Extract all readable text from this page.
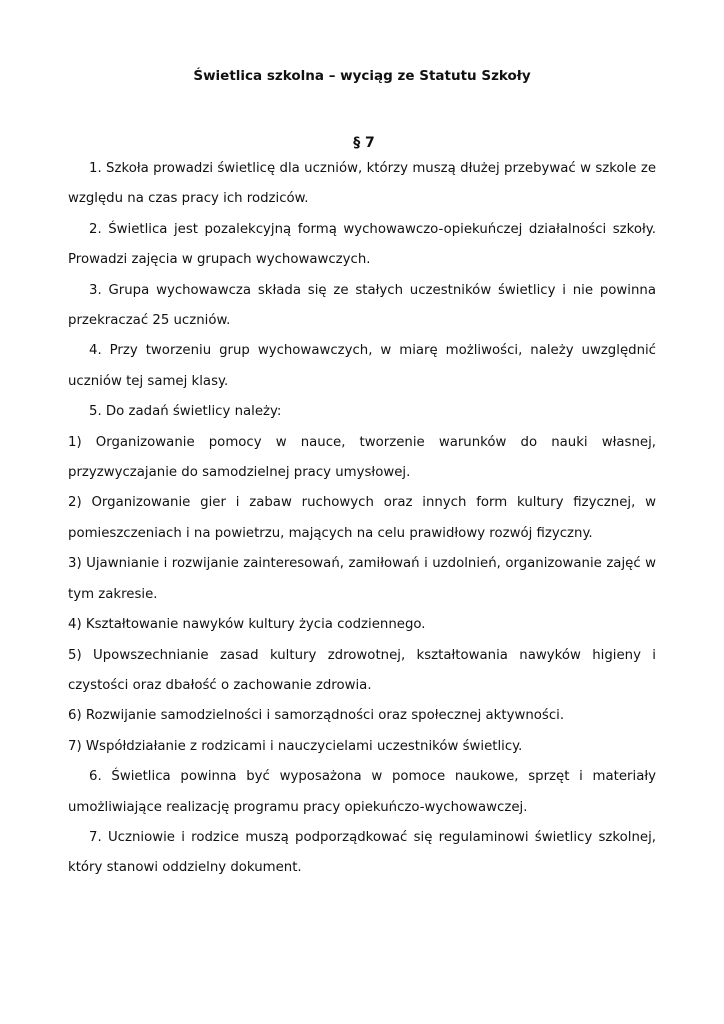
Świetlica szkolna – wyciąg ze Statutu Szkoły

§ 7

1. Szkoła prowadzi świetlicę dla uczniów, którzy muszą dłużej przebywać w szkole ze względu na czas pracy ich rodziców.

2. Świetlica jest pozalekcyjną formą wychowawczo-opiekuńczej działalności szkoły. Prowadzi zajęcia w grupach wychowawczych.

3. Grupa wychowawcza składa się ze stałych uczestników świetlicy i nie powinna przekraczać 25 uczniów.

4. Przy tworzeniu grup wychowawczych, w miarę możliwości, należy uwzględnić uczniów tej samej klasy.

5. Do zadań świetlicy należy:

1) Organizowanie pomocy w nauce, tworzenie warunków do nauki własnej, przyzwyczajanie do samodzielnej pracy umysłowej.

2) Organizowanie gier i zabaw ruchowych oraz innych form kultury fizycznej, w pomieszczeniach i na powietrzu, mających na celu prawidłowy rozwój fizyczny.

3) Ujawnianie i rozwijanie zainteresowań, zamiłowań i uzdolnień, organizowanie zajęć w tym zakresie.

4) Kształtowanie nawyków kultury życia codziennego.

5) Upowszechnianie zasad kultury zdrowotnej, kształtowania nawyków higieny i czystości oraz dbałość o zachowanie zdrowia.

6) Rozwijanie samodzielności i samorządności oraz społecznej aktywności.

7) Współdziałanie z rodzicami i nauczycielami uczestników świetlicy.

6. Świetlica powinna być wyposażona w pomoce naukowe, sprzęt i materiały umożliwiające realizację programu pracy opiekuńczo-wychowawczej.

7. Uczniowie i rodzice muszą podporządkować się regulaminowi świetlicy szkolnej, który stanowi oddzielny dokument.
